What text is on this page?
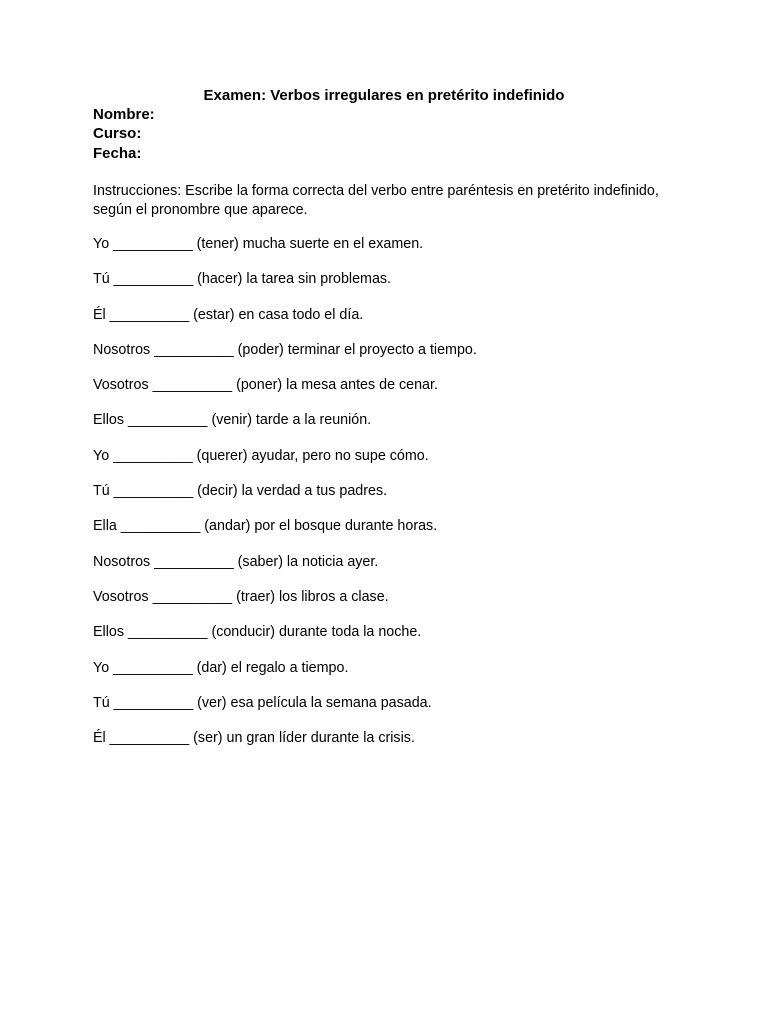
Examen: Verbos irregulares en pretérito indefinido
Nombre:
Curso:
Fecha:
Instrucciones: Escribe la forma correcta del verbo entre paréntesis en pretérito indefinido,
según el pronombre que aparece.
Yo __________ (tener) mucha suerte en el examen.
Tú __________ (hacer) la tarea sin problemas.
Él __________ (estar) en casa todo el día.
Nosotros __________ (poder) terminar el proyecto a tiempo.
Vosotros __________ (poner) la mesa antes de cenar.
Ellos __________ (venir) tarde a la reunión.
Yo __________ (querer) ayudar, pero no supe cómo.
Tú __________ (decir) la verdad a tus padres.
Ella __________ (andar) por el bosque durante horas.
Nosotros __________ (saber) la noticia ayer.
Vosotros __________ (traer) los libros a clase.
Ellos __________ (conducir) durante toda la noche.
Yo __________ (dar) el regalo a tiempo.
Tú __________ (ver) esa película la semana pasada.
Él __________ (ser) un gran líder durante la crisis.
